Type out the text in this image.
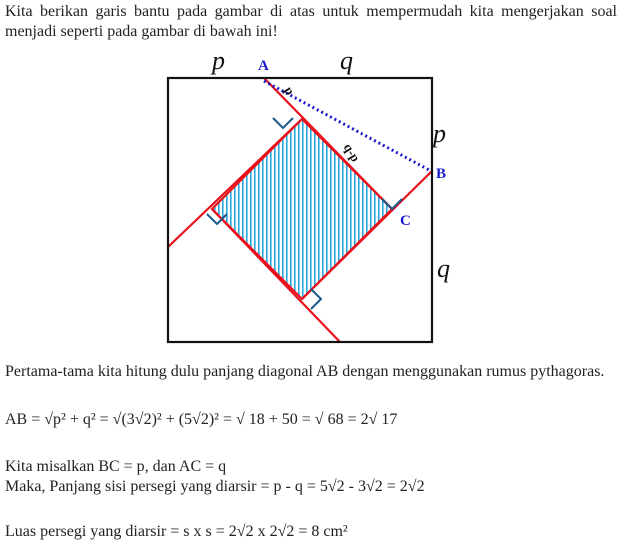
Kita berikan garis bantu pada gambar di atas untuk mempermudah kita mengerjakan soal menjadi seperti pada gambar di bawah ini!
p	q
p
q
A
B
C
p
q-p
Pertama-tama kita hitung dulu panjang diagonal AB dengan menggunakan rumus pythagoras.
AB = √p² + q² = √(3√2)² + (5√2)² = √ 18 + 50 = √ 68 = 2√ 17
Kita misalkan BC = p, dan AC = q
Maka, Panjang sisi persegi yang diarsir = p - q = 5√2 - 3√2 = 2√2
Luas persegi yang diarsir = s x s = 2√2 x 2√2 = 8 cm²
